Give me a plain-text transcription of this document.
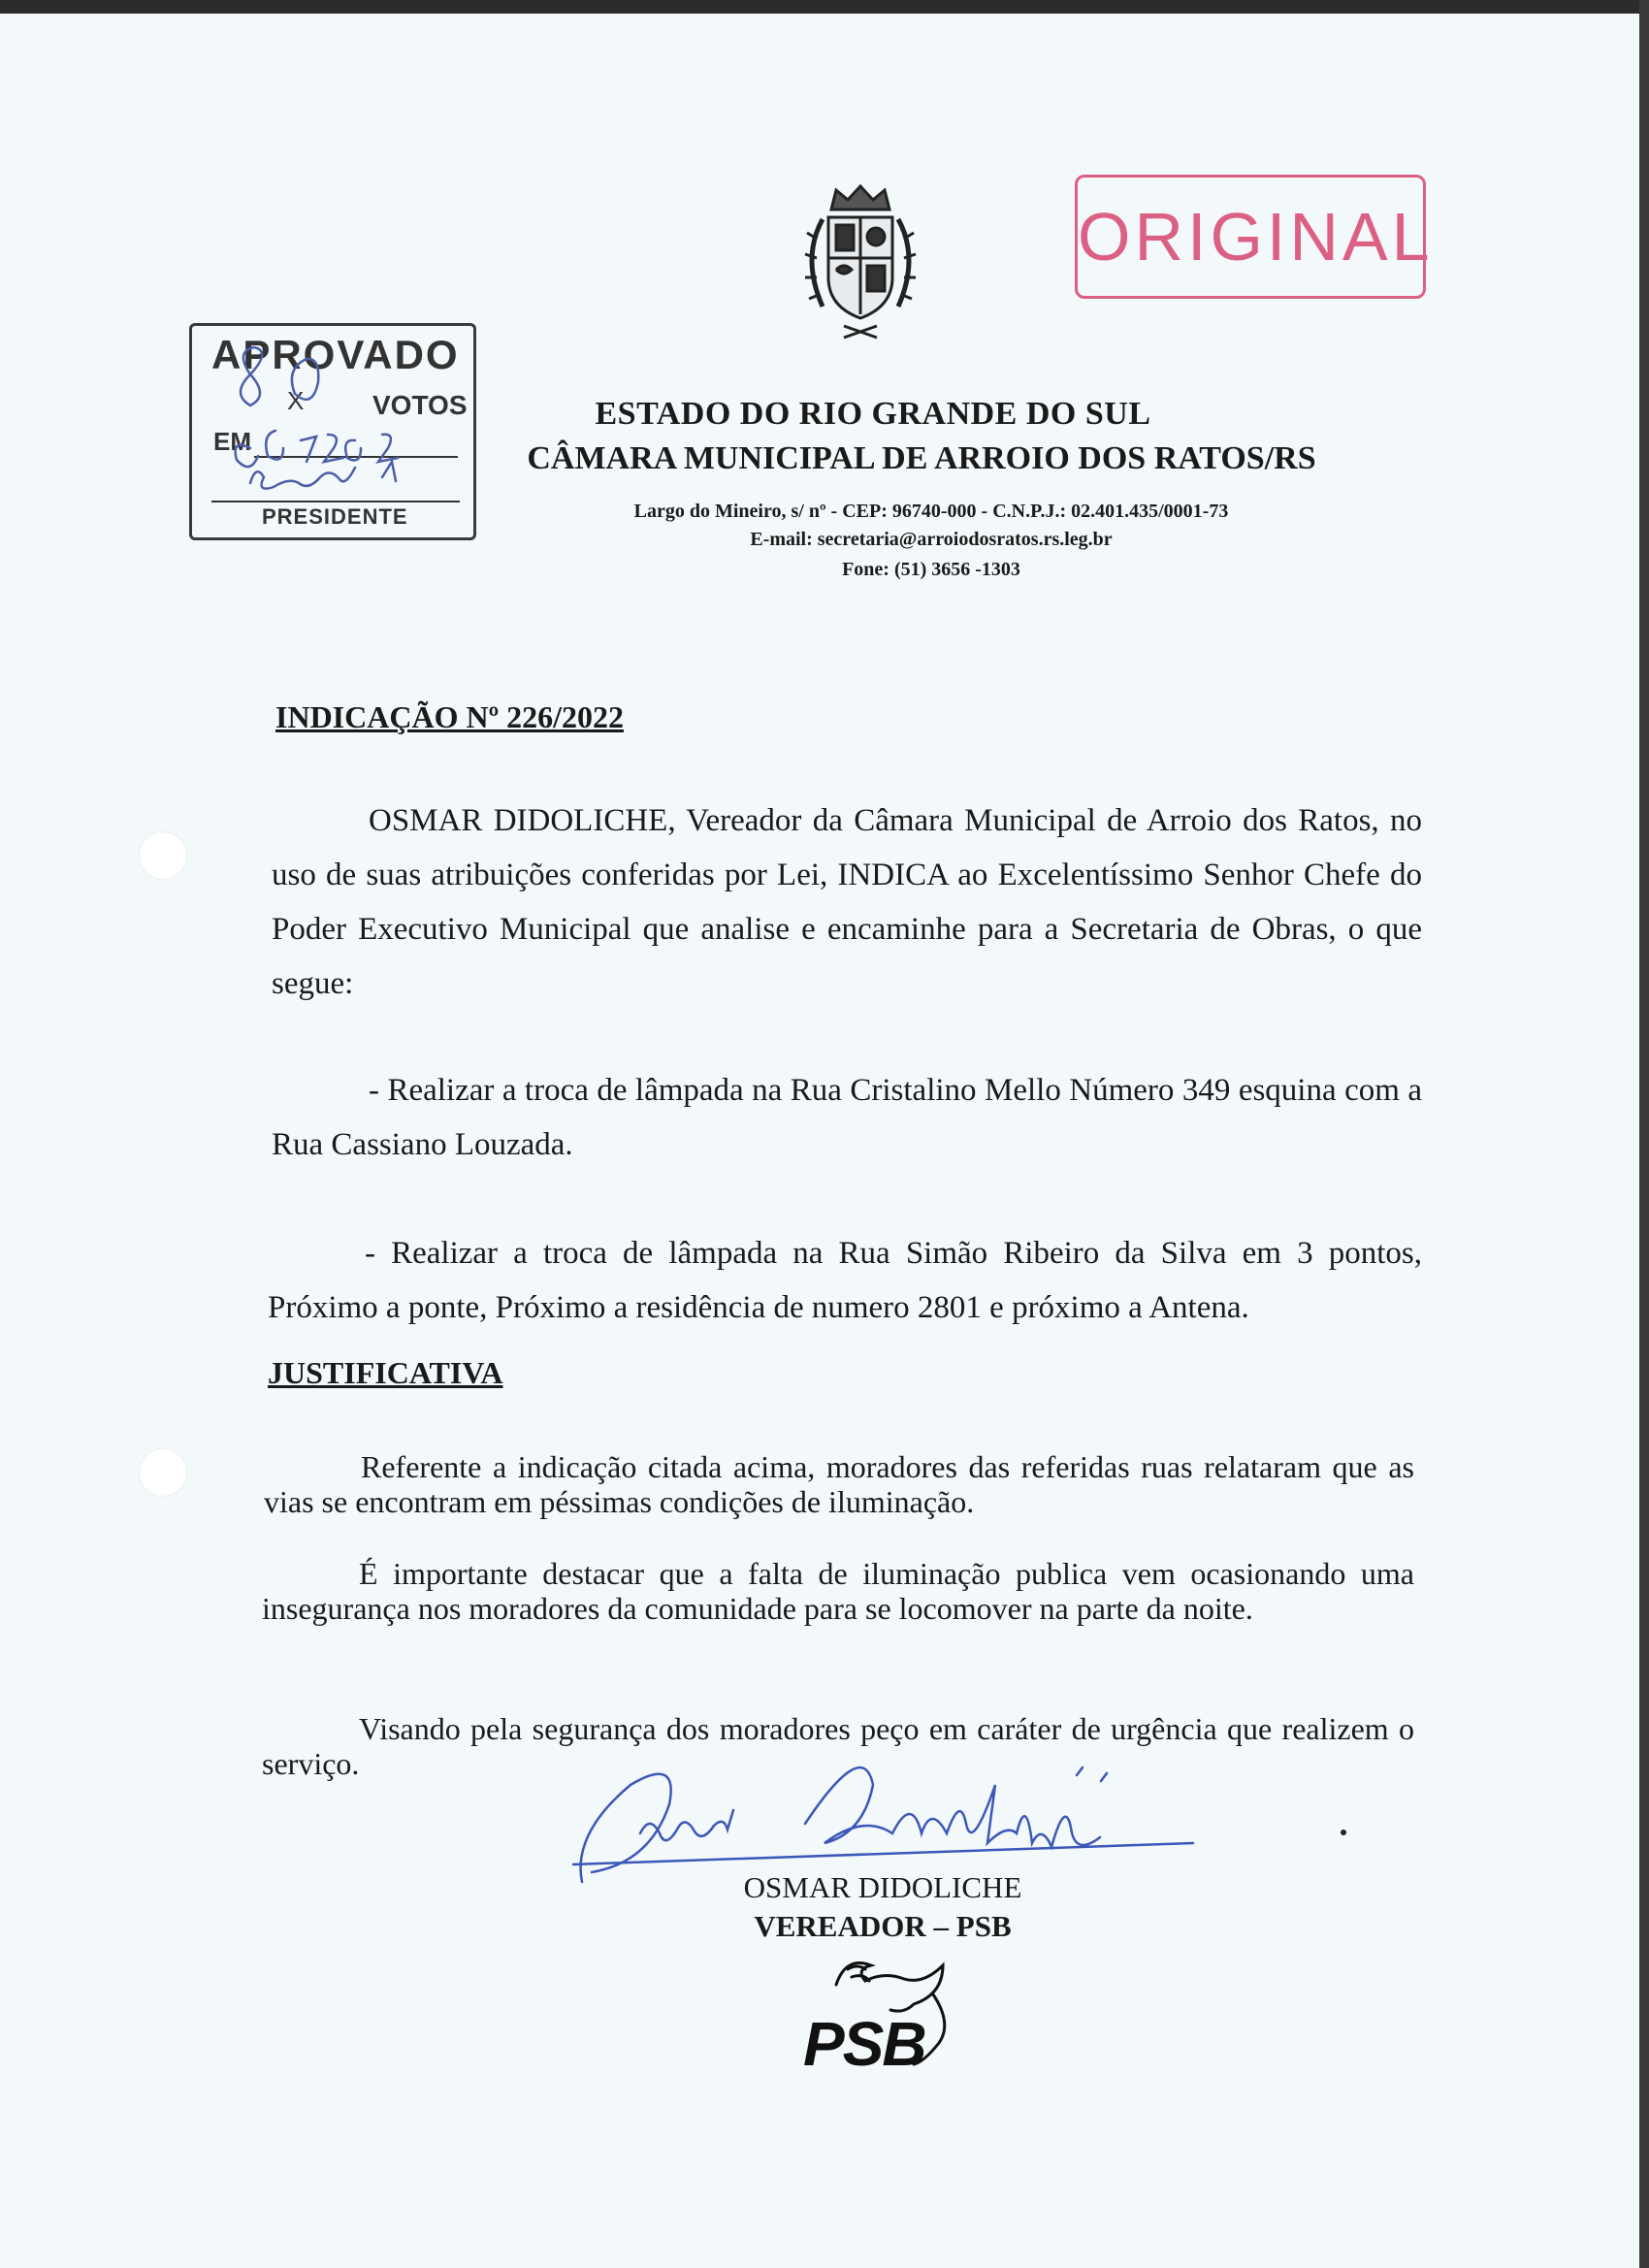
ORIGINAL
APROVADO
X	VOTOS
EM
PRESIDENTE
ESTADO DO RIO GRANDE DO SUL
CÂMARA MUNICIPAL DE ARROIO DOS RATOS/RS
Largo do Mineiro, s/ nº - CEP: 96740-000 - C.N.P.J.: 02.401.435/0001-73
E-mail: secretaria@arroiodosratos.rs.leg.br
Fone: (51) 3656 -1303
INDICAÇÃO Nº 226/2022
OSMAR DIDOLICHE, Vereador da Câmara Municipal de Arroio dos Ratos, no uso de suas atribuições conferidas por Lei, INDICA ao Excelentíssimo Senhor Chefe do Poder Executivo Municipal que analise e encaminhe para a Secretaria de Obras, o que segue:
- Realizar a troca de lâmpada na Rua Cristalino Mello Número 349 esquina com a Rua Cassiano Louzada.
- Realizar a troca de lâmpada na Rua Simão Ribeiro da Silva em 3 pontos, Próximo a ponte, Próximo a residência de numero 2801 e próximo a Antena.
JUSTIFICATIVA
Referente a indicação citada acima, moradores das referidas ruas relataram que as vias se encontram em péssimas condições de iluminação.
É importante destacar que a falta de iluminação publica vem ocasionando uma insegurança nos moradores da comunidade para se locomover na parte da noite.
Visando pela segurança dos moradores peço em caráter de urgência que realizem o serviço.
OSMAR DIDOLICHE
VEREADOR – PSB
PSB
